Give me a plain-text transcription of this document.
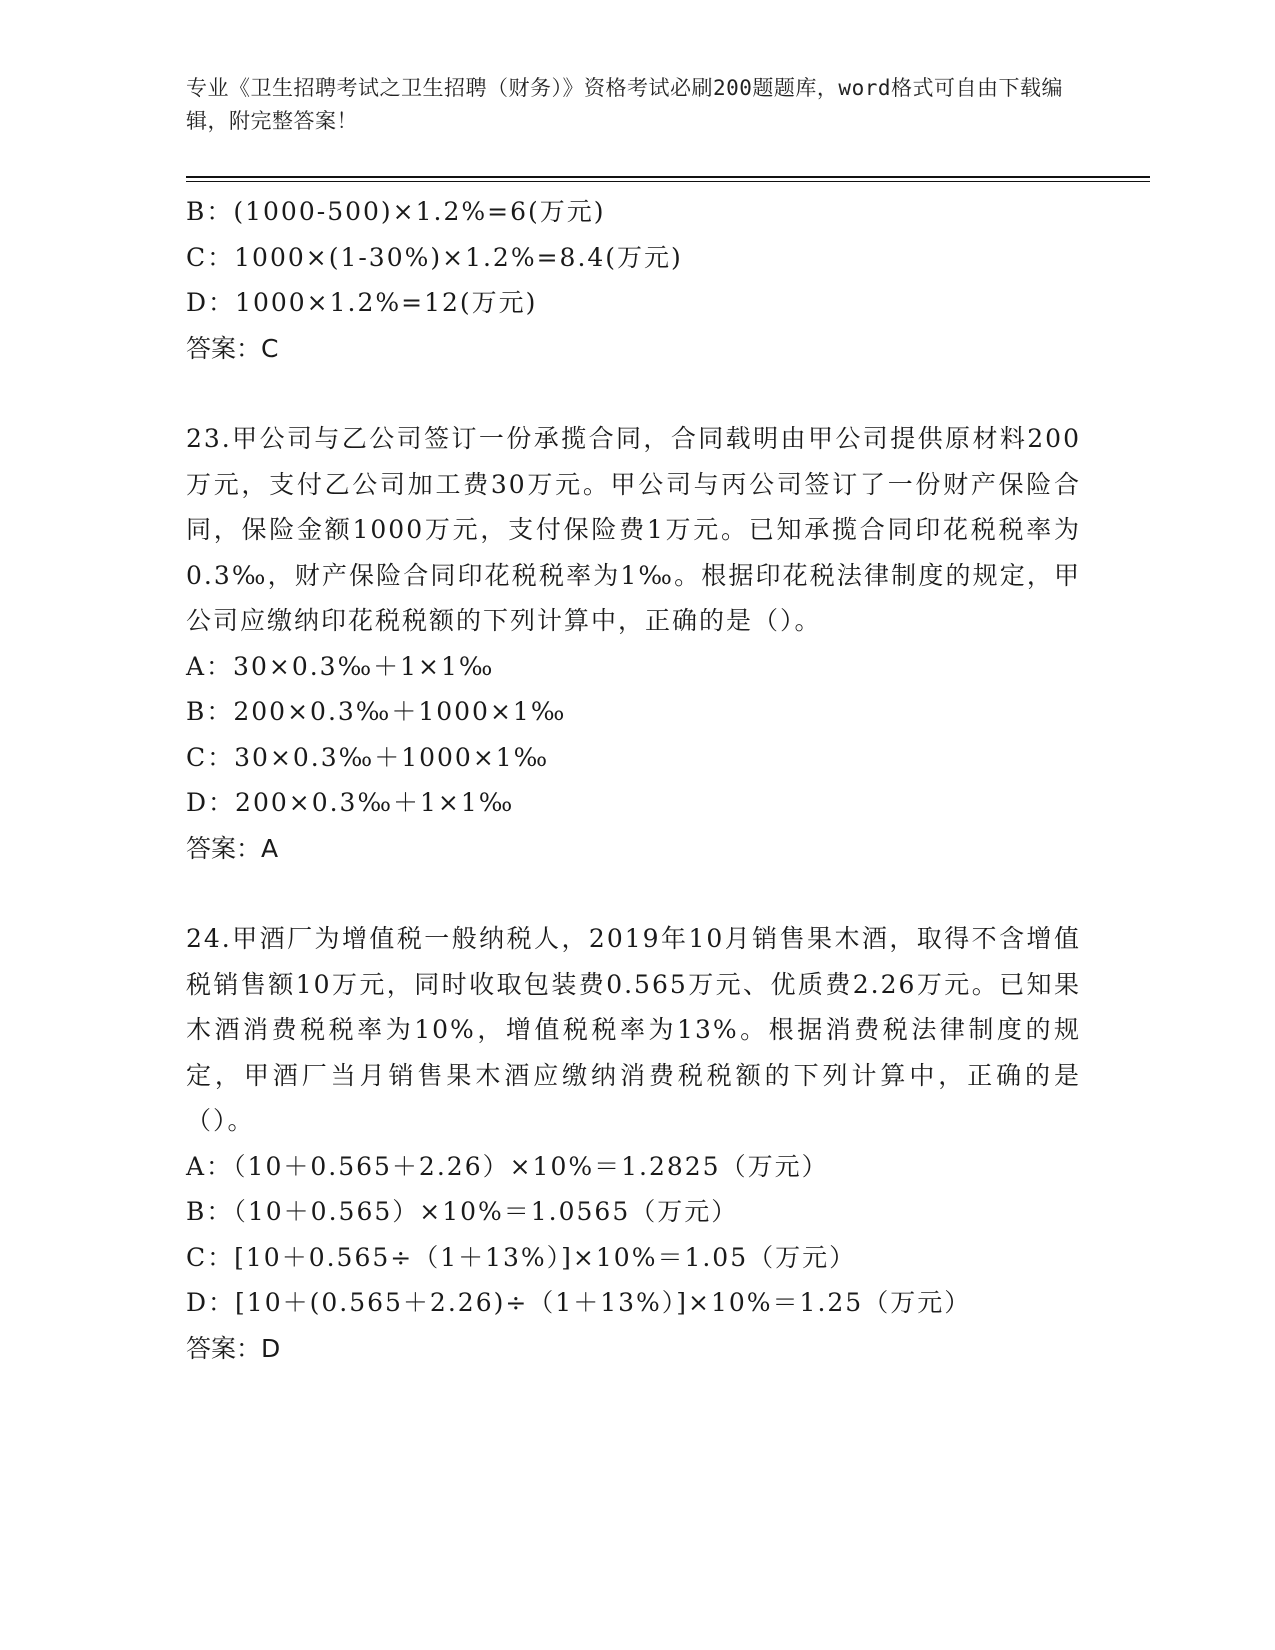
专业《卫生招聘考试之卫生招聘（财务）》资格考试必刷200题题库，word格式可自由下载编辑，附完整答案！
B：(1000-500)×1.2%=6(万元)
C：1000×(1-30%)×1.2%=8.4(万元)
D：1000×1.2%=12(万元)
答案：C
23.甲公司与乙公司签订一份承揽合同，合同载明由甲公司提供原材料200万元，支付乙公司加工费30万元。甲公司与丙公司签订了一份财产保险合同，保险金额1000万元，支付保险费1万元。已知承揽合同印花税税率为0.3‰，财产保险合同印花税税率为1‰。根据印花税法律制度的规定，甲公司应缴纳印花税税额的下列计算中，正确的是（）。
A：30×0.3‰＋1×1‰
B：200×0.3‰＋1000×1‰
C：30×0.3‰＋1000×1‰
D：200×0.3‰＋1×1‰
答案：A
24.甲酒厂为增值税一般纳税人，2019年10月销售果木酒，取得不含增值税销售额10万元，同时收取包装费0.565万元、优质费2.26万元。已知果木酒消费税税率为10%，增值税税率为13%。根据消费税法律制度的规定，甲酒厂当月销售果木酒应缴纳消费税税额的下列计算中，正确的是（）。
A：（10＋0.565＋2.26）×10%＝1.2825（万元）
B：（10＋0.565）×10%＝1.0565（万元）
C：[10＋0.565÷（1＋13%）]×10%＝1.05（万元）
D：[10＋(0.565＋2.26)÷（1＋13%）]×10%＝1.25（万元）
答案：D
